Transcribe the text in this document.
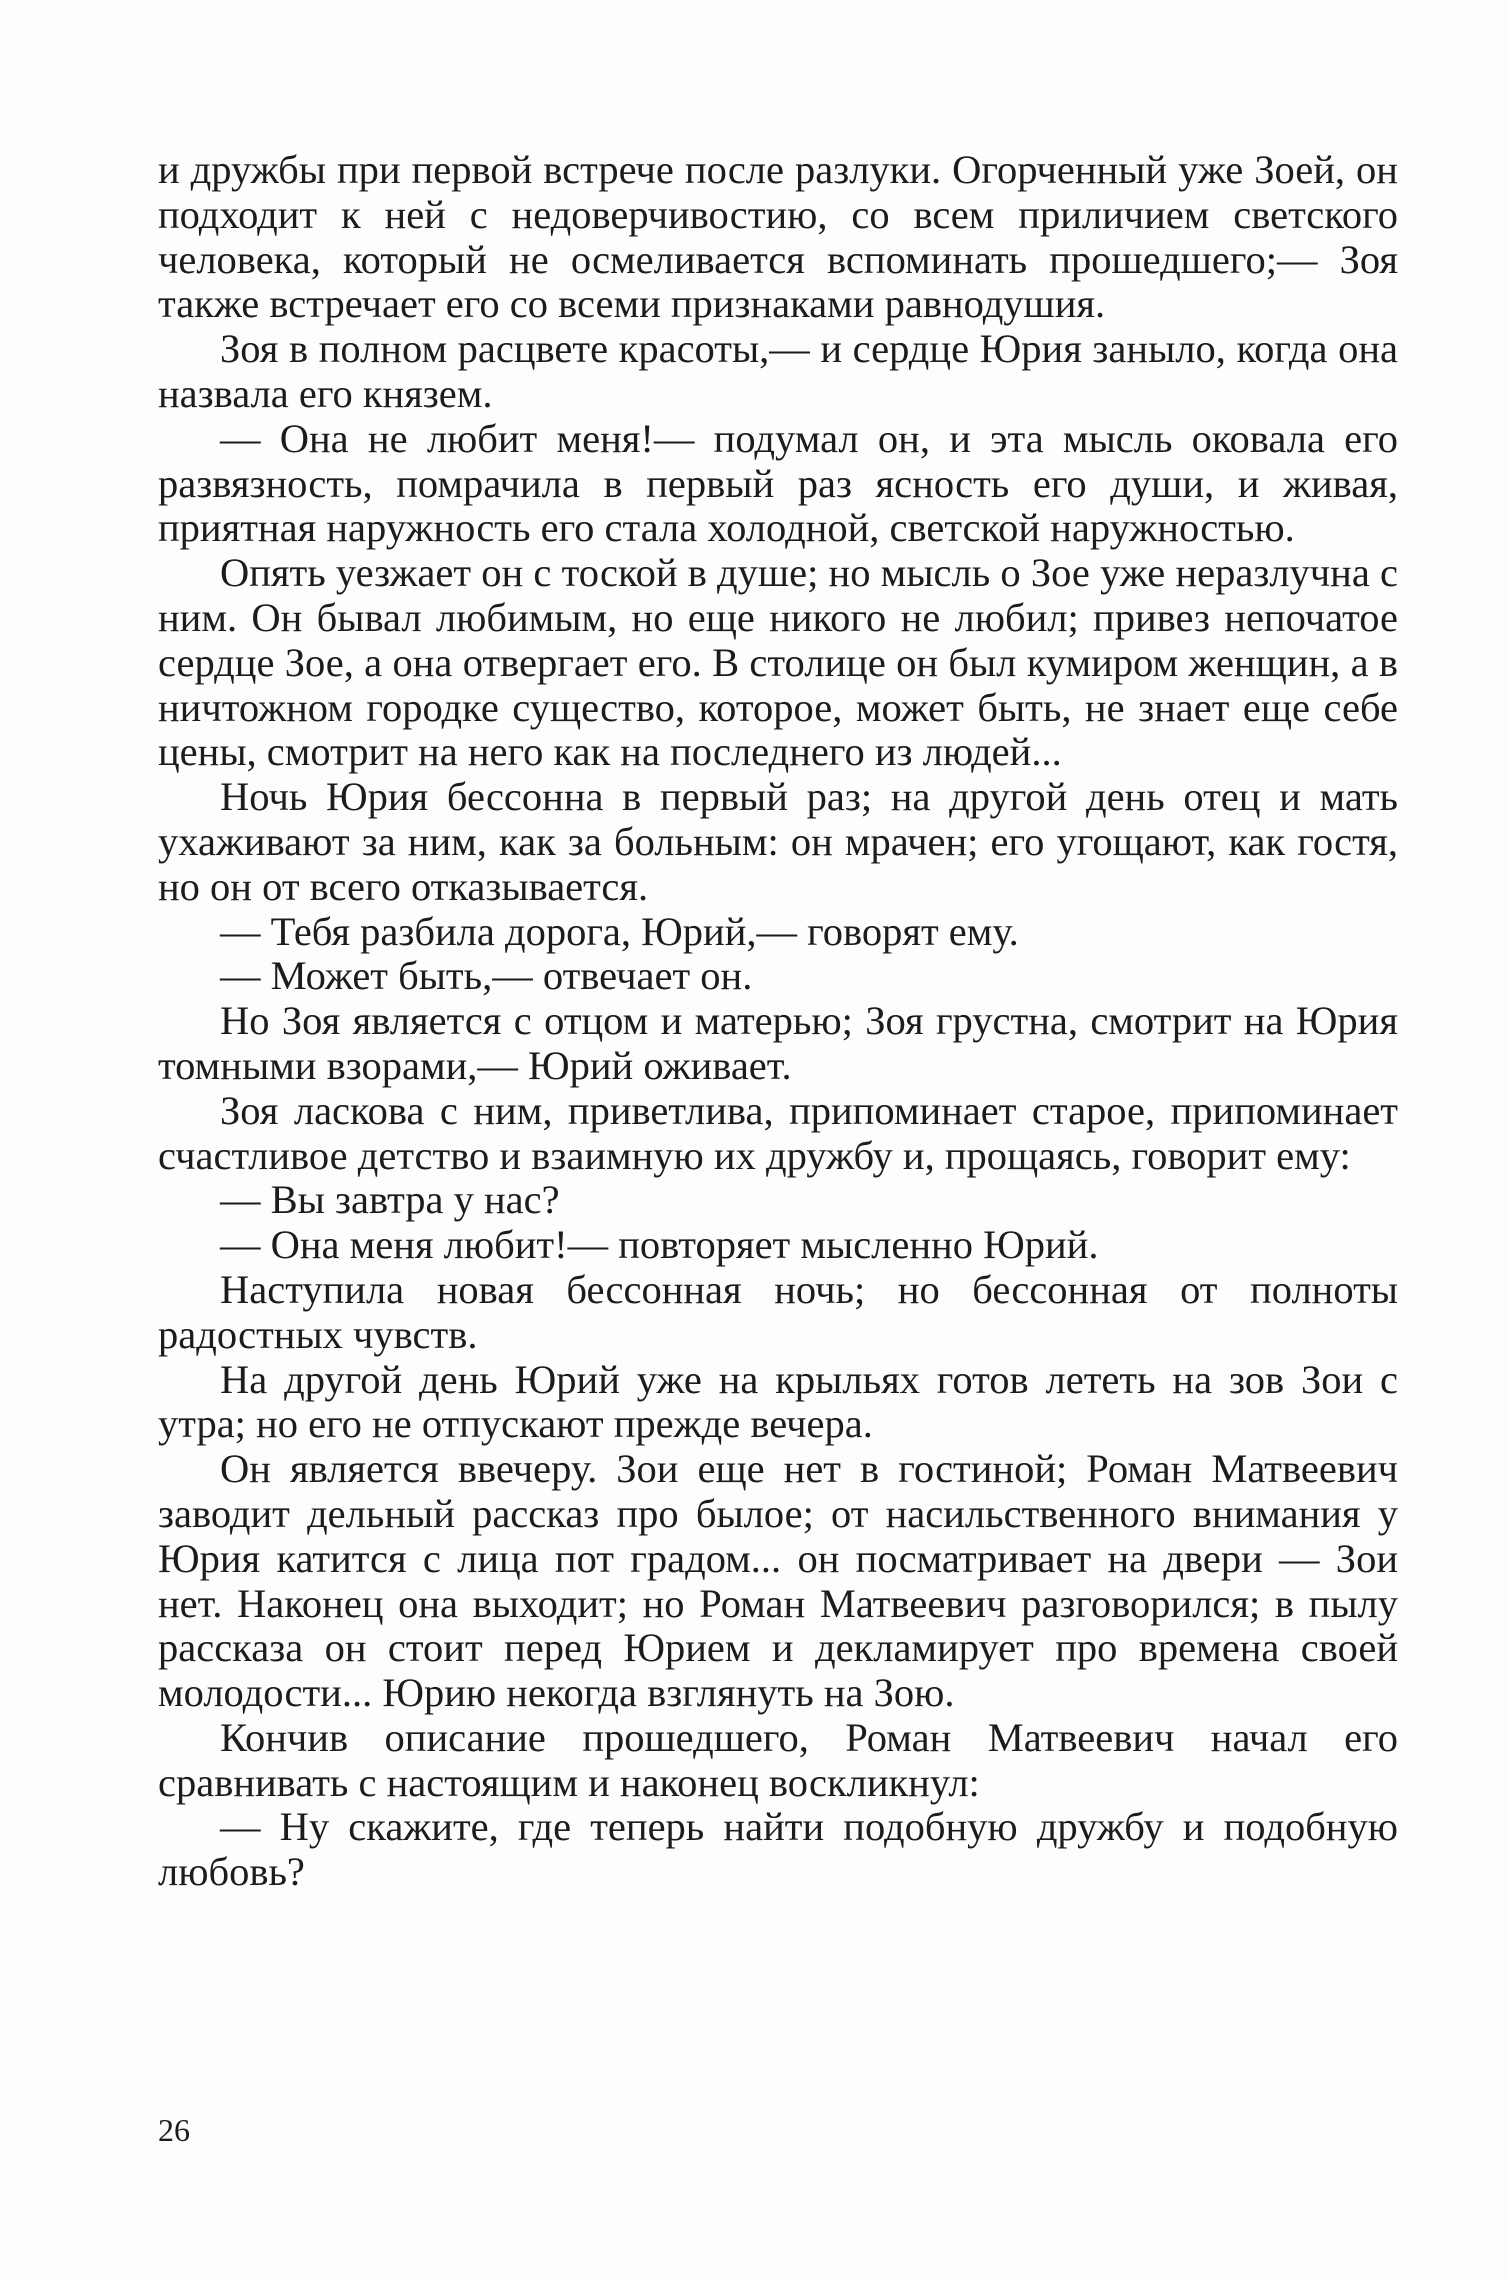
и дружбы при первой встрече после разлуки. Огорченный уже Зоей, он подходит к ней с недоверчивостию, со всем приличием светского человека, который не осмеливается вспоминать прошедшего;— Зоя также встречает его со всеми признаками равнодушия.

Зоя в полном расцвете красоты,— и сердце Юрия заныло, когда она назвала его князем.

— Она не любит меня!— подумал он, и эта мысль оковала его развязность, помрачила в первый раз ясность его души, и живая, приятная наружность его стала холодной, светской наружностью.

Опять уезжает он с тоской в душе; но мысль о Зое уже неразлучна с ним. Он бывал любимым, но еще никого не любил; привез непочатое сердце Зое, а она отвергает его. В столице он был кумиром женщин, а в ничтожном городке существо, которое, может быть, не знает еще себе цены, смотрит на него как на последнего из людей...

Ночь Юрия бессонна в первый раз; на другой день отец и мать ухаживают за ним, как за больным: он мрачен; его угощают, как гостя, но он от всего отказывается.

— Тебя разбила дорога, Юрий,— говорят ему.

— Может быть,— отвечает он.

Но Зоя является с отцом и матерью; Зоя грустна, смотрит на Юрия томными взорами,— Юрий оживает.

Зоя ласкова с ним, приветлива, припоминает старое, припоминает счастливое детство и взаимную их дружбу и, прощаясь, говорит ему:

— Вы завтра у нас?

— Она меня любит!— повторяет мысленно Юрий.

Наступила новая бессонная ночь; но бессонная от полноты радостных чувств.

На другой день Юрий уже на крыльях готов лететь на зов Зои с утра; но его не отпускают прежде вечера.

Он является ввечеру. Зои еще нет в гостиной; Роман Матвеевич заводит дельный рассказ про былое; от насильственного внимания у Юрия катится с лица пот градом... он посматривает на двери — Зои нет. Наконец она выходит; но Роман Матвеевич разговорился; в пылу рассказа он стоит перед Юрием и декламирует про времена своей молодости... Юрию некогда взглянуть на Зою.

Кончив описание прошедшего, Роман Матвеевич начал его сравнивать с настоящим и наконец воскликнул:

— Ну скажите, где теперь найти подобную дружбу и подобную любовь?

26
